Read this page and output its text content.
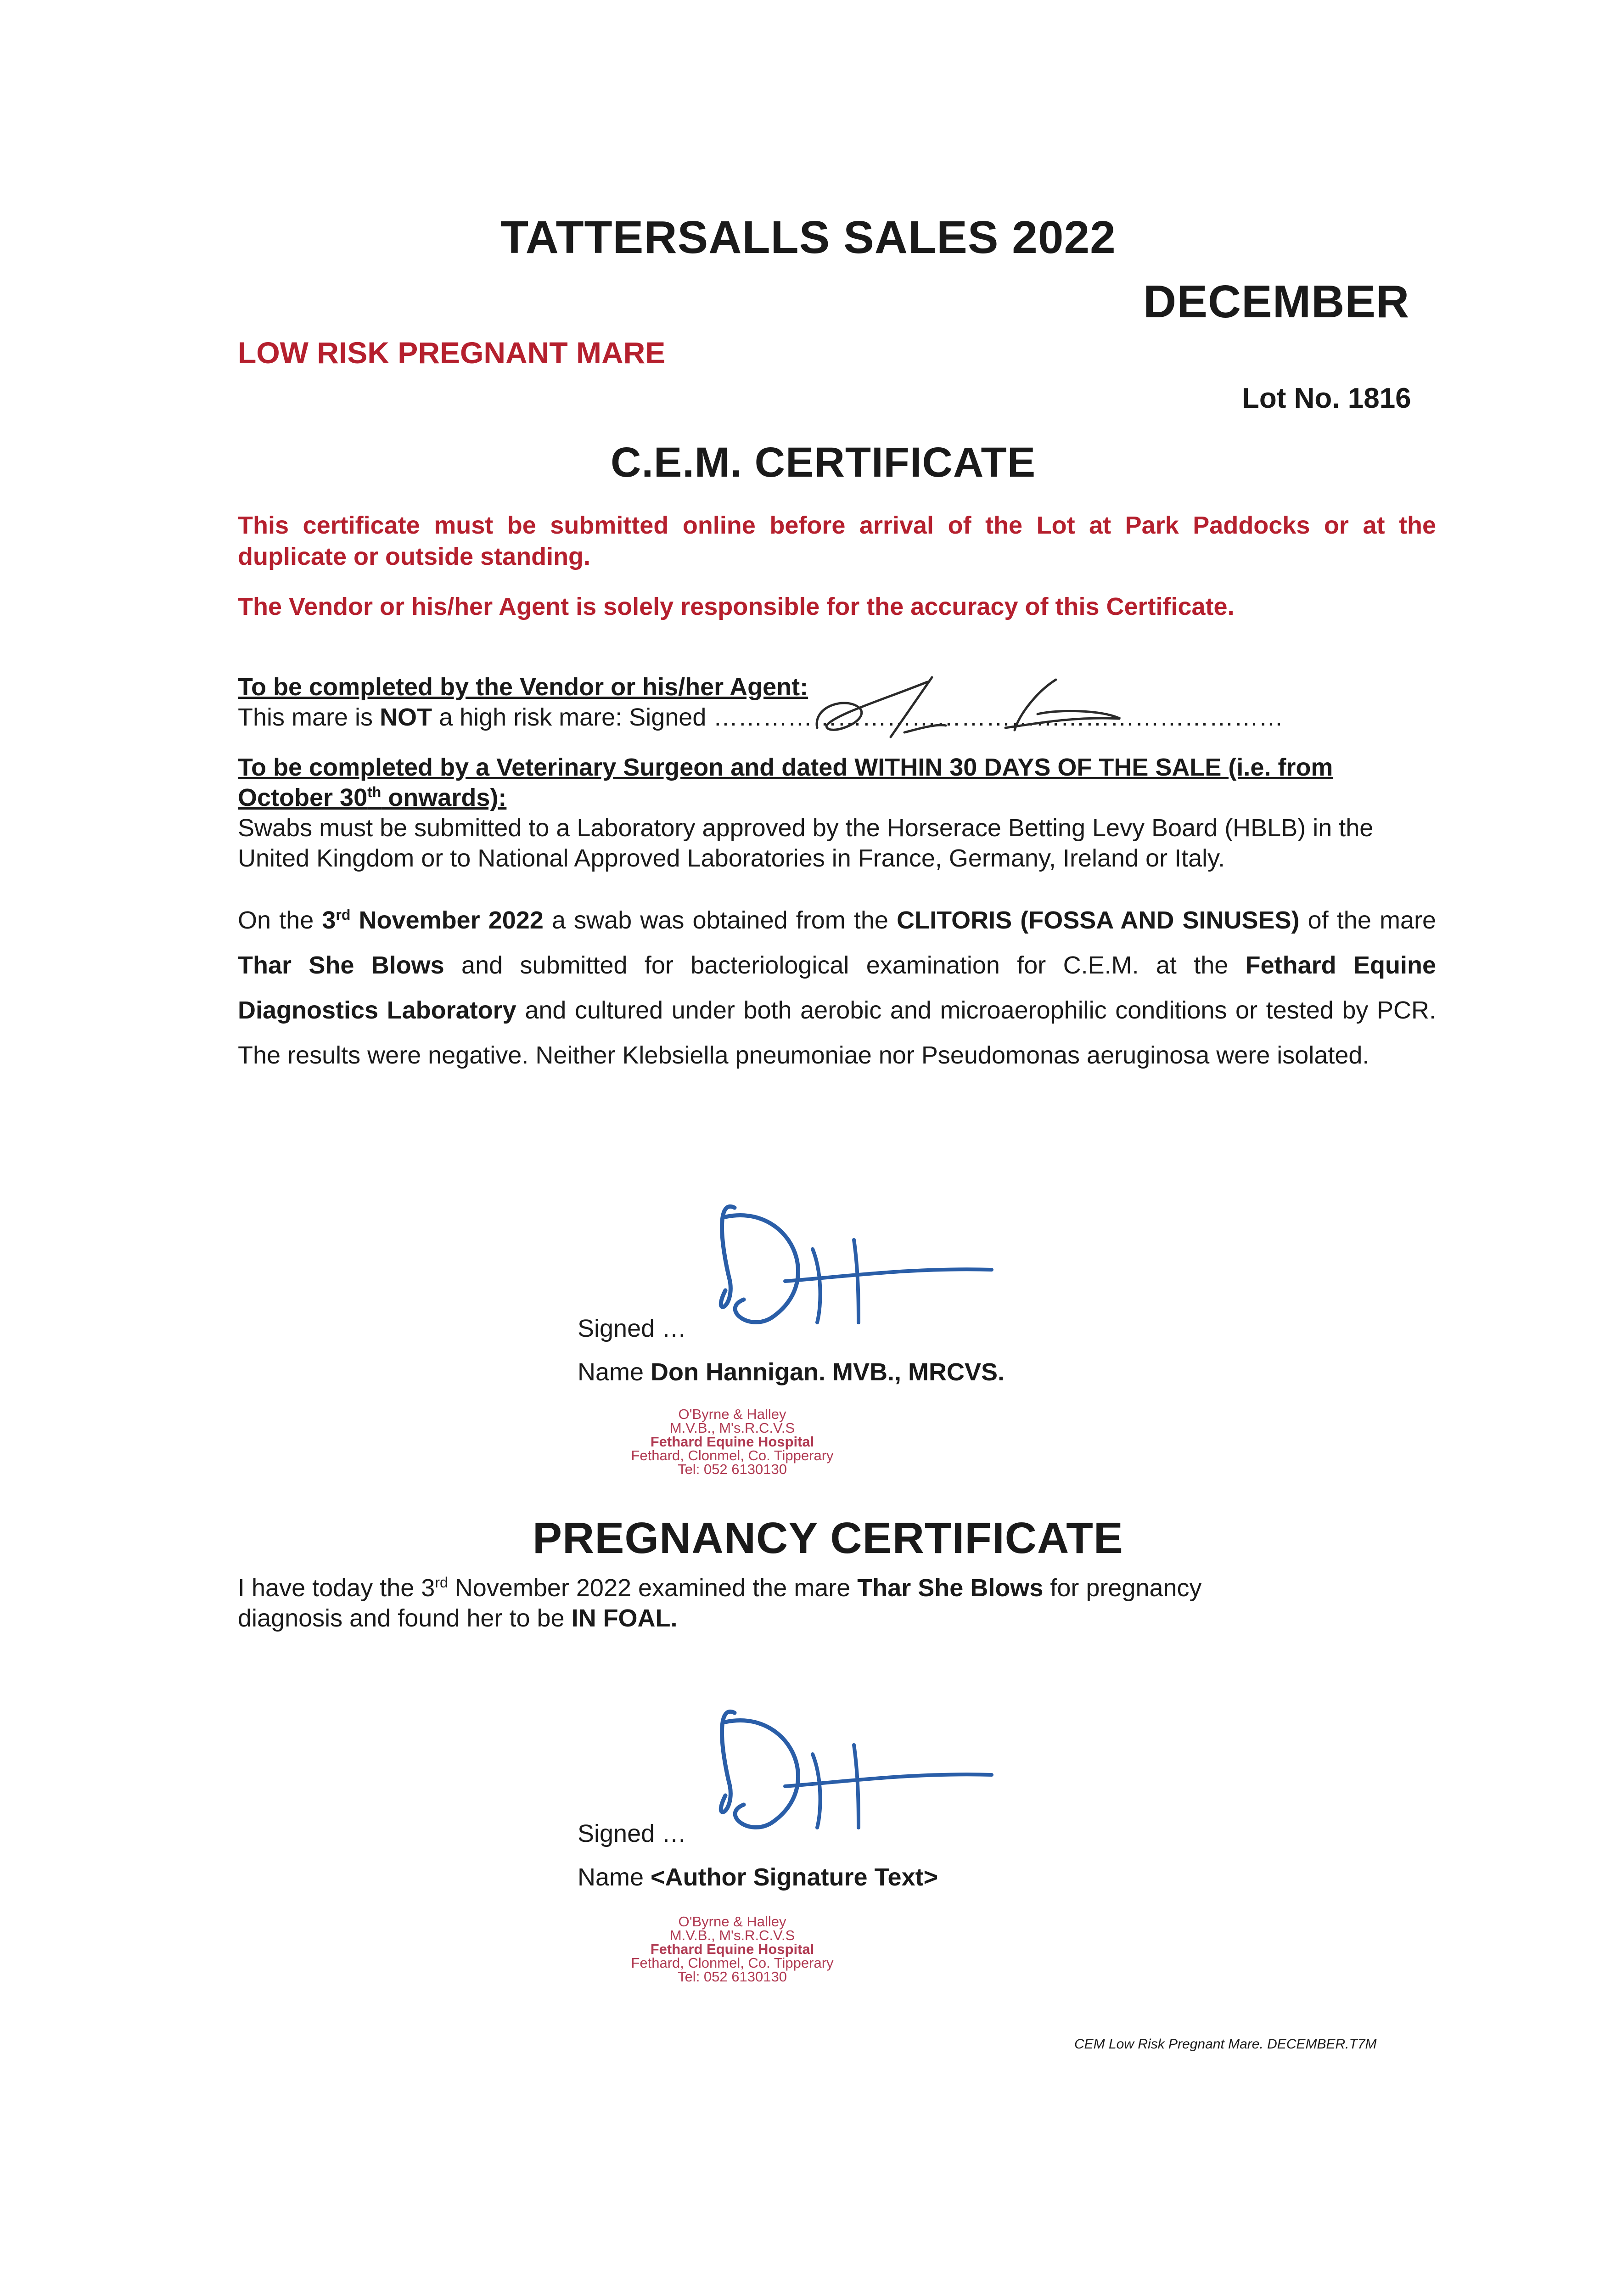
TATTERSALLS SALES 2022
DECEMBER
LOW RISK PREGNANT MARE
Lot No. 1816
C.E.M. CERTIFICATE
This certificate must be submitted online before arrival of the Lot at Park Paddocks or at the duplicate or outside standing.
The Vendor or his/her Agent is solely responsible for the accuracy of this Certificate.
To be completed by the Vendor or his/her Agent:
This mare is NOT a high risk mare: Signed ……………………………………………………………
To be completed by a Veterinary Surgeon and dated WITHIN 30 DAYS OF THE SALE (i.e. from
October 30th onwards):
Swabs must be submitted to a Laboratory approved by the Horserace Betting Levy Board (HBLB) in the United Kingdom or to National Approved Laboratories in France, Germany, Ireland or Italy.
On the 3rd November 2022 a swab was obtained from the CLITORIS (FOSSA AND SINUSES) of the mare Thar She Blows and submitted for bacteriological examination for C.E.M. at the Fethard Equine Diagnostics Laboratory and cultured under both aerobic and microaerophilic conditions or tested by PCR. The results were negative. Neither Klebsiella pneumoniae nor Pseudomonas aeruginosa were isolated.
Signed …
Name Don Hannigan. MVB., MRCVS.
O'Byrne & Halley
M.V.B., M's.R.C.V.S
Fethard Equine Hospital
Fethard, Clonmel, Co. Tipperary
Tel: 052 6130130
PREGNANCY CERTIFICATE
I have today the 3rd November 2022 examined the mare Thar She Blows for pregnancy diagnosis and found her to be IN FOAL.
Signed …
Name <Author Signature Text>
O'Byrne & Halley
M.V.B., M's.R.C.V.S
Fethard Equine Hospital
Fethard, Clonmel, Co. Tipperary
Tel: 052 6130130
CEM Low Risk Pregnant Mare. DECEMBER.T7M
